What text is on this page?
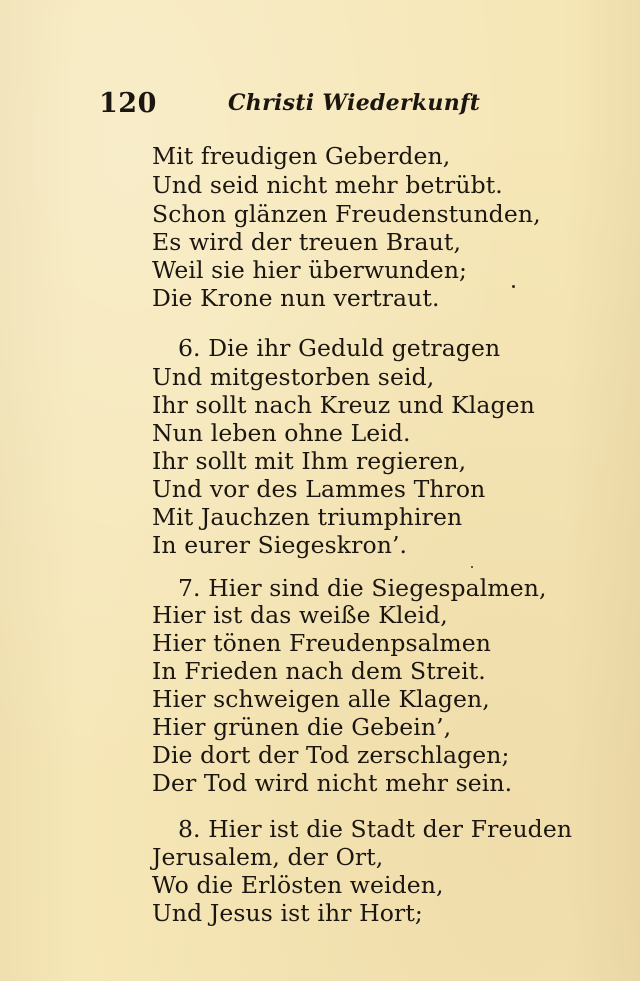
120	Christi Wiederkunft
Mit freudigen Geberden,
Und seid nicht mehr betrübt.
Schon glänzen Freudenstunden,
Es wird der treuen Braut,
Weil sie hier überwunden;
Die Krone nun vertraut.
6. Die ihr Geduld getragen
Und mitgestorben seid,
Ihr sollt nach Kreuz und Klagen
Nun leben ohne Leid.
Ihr sollt mit Ihm regieren,
Und vor des Lammes Thron
Mit Jauchzen triumphiren
In eurer Siegeskron’.
7. Hier sind die Siegespalmen,
Hier ist das weiße Kleid,
Hier tönen Freudenpsalmen
In Frieden nach dem Streit.
Hier schweigen alle Klagen,
Hier grünen die Gebein’,
Die dort der Tod zerschlagen;
Der Tod wird nicht mehr sein.
8. Hier ist die Stadt der Freuden
Jerusalem, der Ort,
Wo die Erlösten weiden,
Und Jesus ist ihr Hort;
